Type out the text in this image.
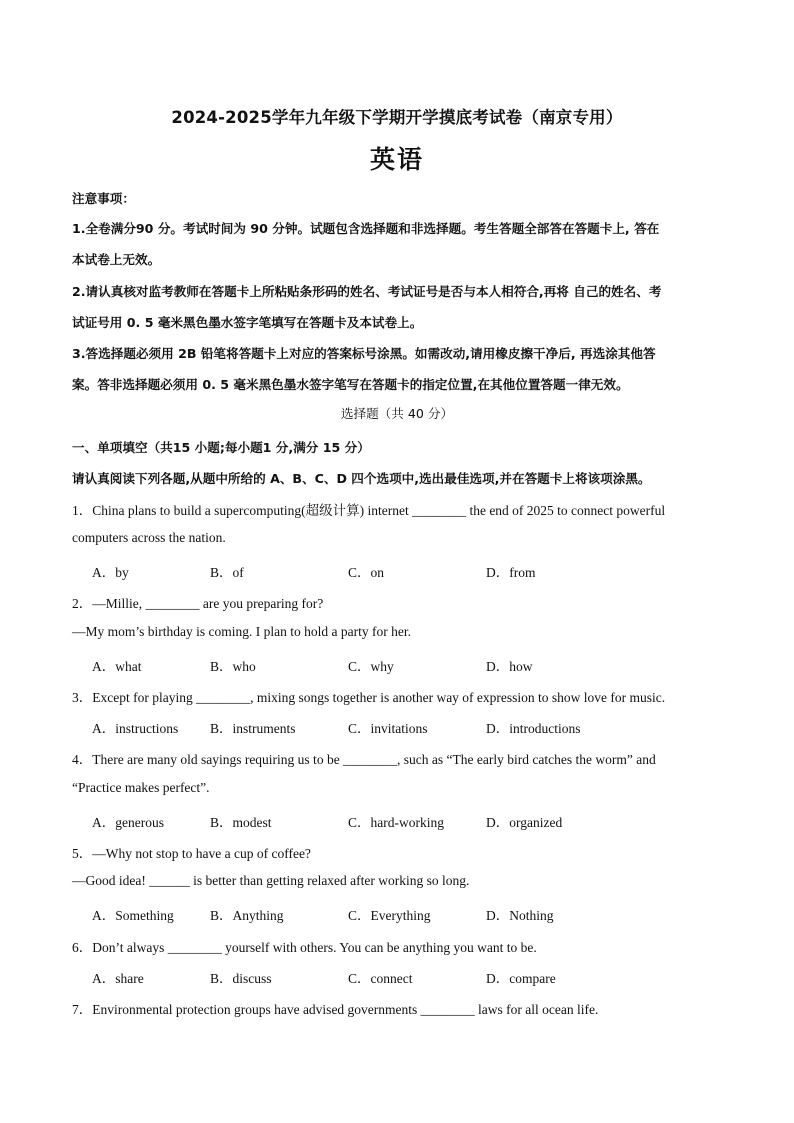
2024-2025学年九年级下学期开学摸底考试卷（南京专用）
英语
注意事项：
1.全卷满分90 分。考试时间为 90 分钟。试题包含选择题和非选择题。考生答题全部答在答题卡上, 答在
本试卷上无效。
2.请认真核对监考教师在答题卡上所粘贴条形码的姓名、考试证号是否与本人相符合,再将 自己的姓名、考
试证号用 0. 5 毫米黑色墨水签字笔填写在答题卡及本试卷上。
3.答选择题必须用 2B 铅笔将答题卡上对应的答案标号涂黑。如需改动,请用橡皮擦干净后, 再选涂其他答
案。答非选择题必须用 0. 5 毫米黑色墨水签字笔写在答题卡的指定位置,在其他位置答题一律无效。
选择题（共 40 分）
一、单项填空（共15 小题;每小题1 分,满分 15 分）
请认真阅读下列各题,从题中所给的 A、B、C、D 四个选项中,选出最佳选项,并在答题卡上将该项涂黑。
1．China plans to build a supercomputing(超级计算) internet ________ the end of 2025 to connect powerful
computers across the nation.
A．by	B．of	C．on	D．from
2．—Millie, ________ are you preparing for?
—My mom’s birthday is coming. I plan to hold a party for her.
A．what	B．who	C．why	D．how
3．Except for playing ________, mixing songs together is another way of expression to show love for music.
A．instructions B．instruments	C．invitations	D．introductions
4．There are many old sayings requiring us to be ________, such as “The early bird catches the worm” and
“Practice makes perfect”.
A．generous	B．modest	C．hard-working	D．organized
5．—Why not stop to have a cup of coffee?
—Good idea! ______ is better than getting relaxed after working so long.
A．Something	B．Anything	C．Everything	D．Nothing
6．Don’t always ________ yourself with others. You can be anything you want to be.
A．share	B．discuss	C．connect	D．compare
7．Environmental protection groups have advised governments ________ laws for all ocean life.
